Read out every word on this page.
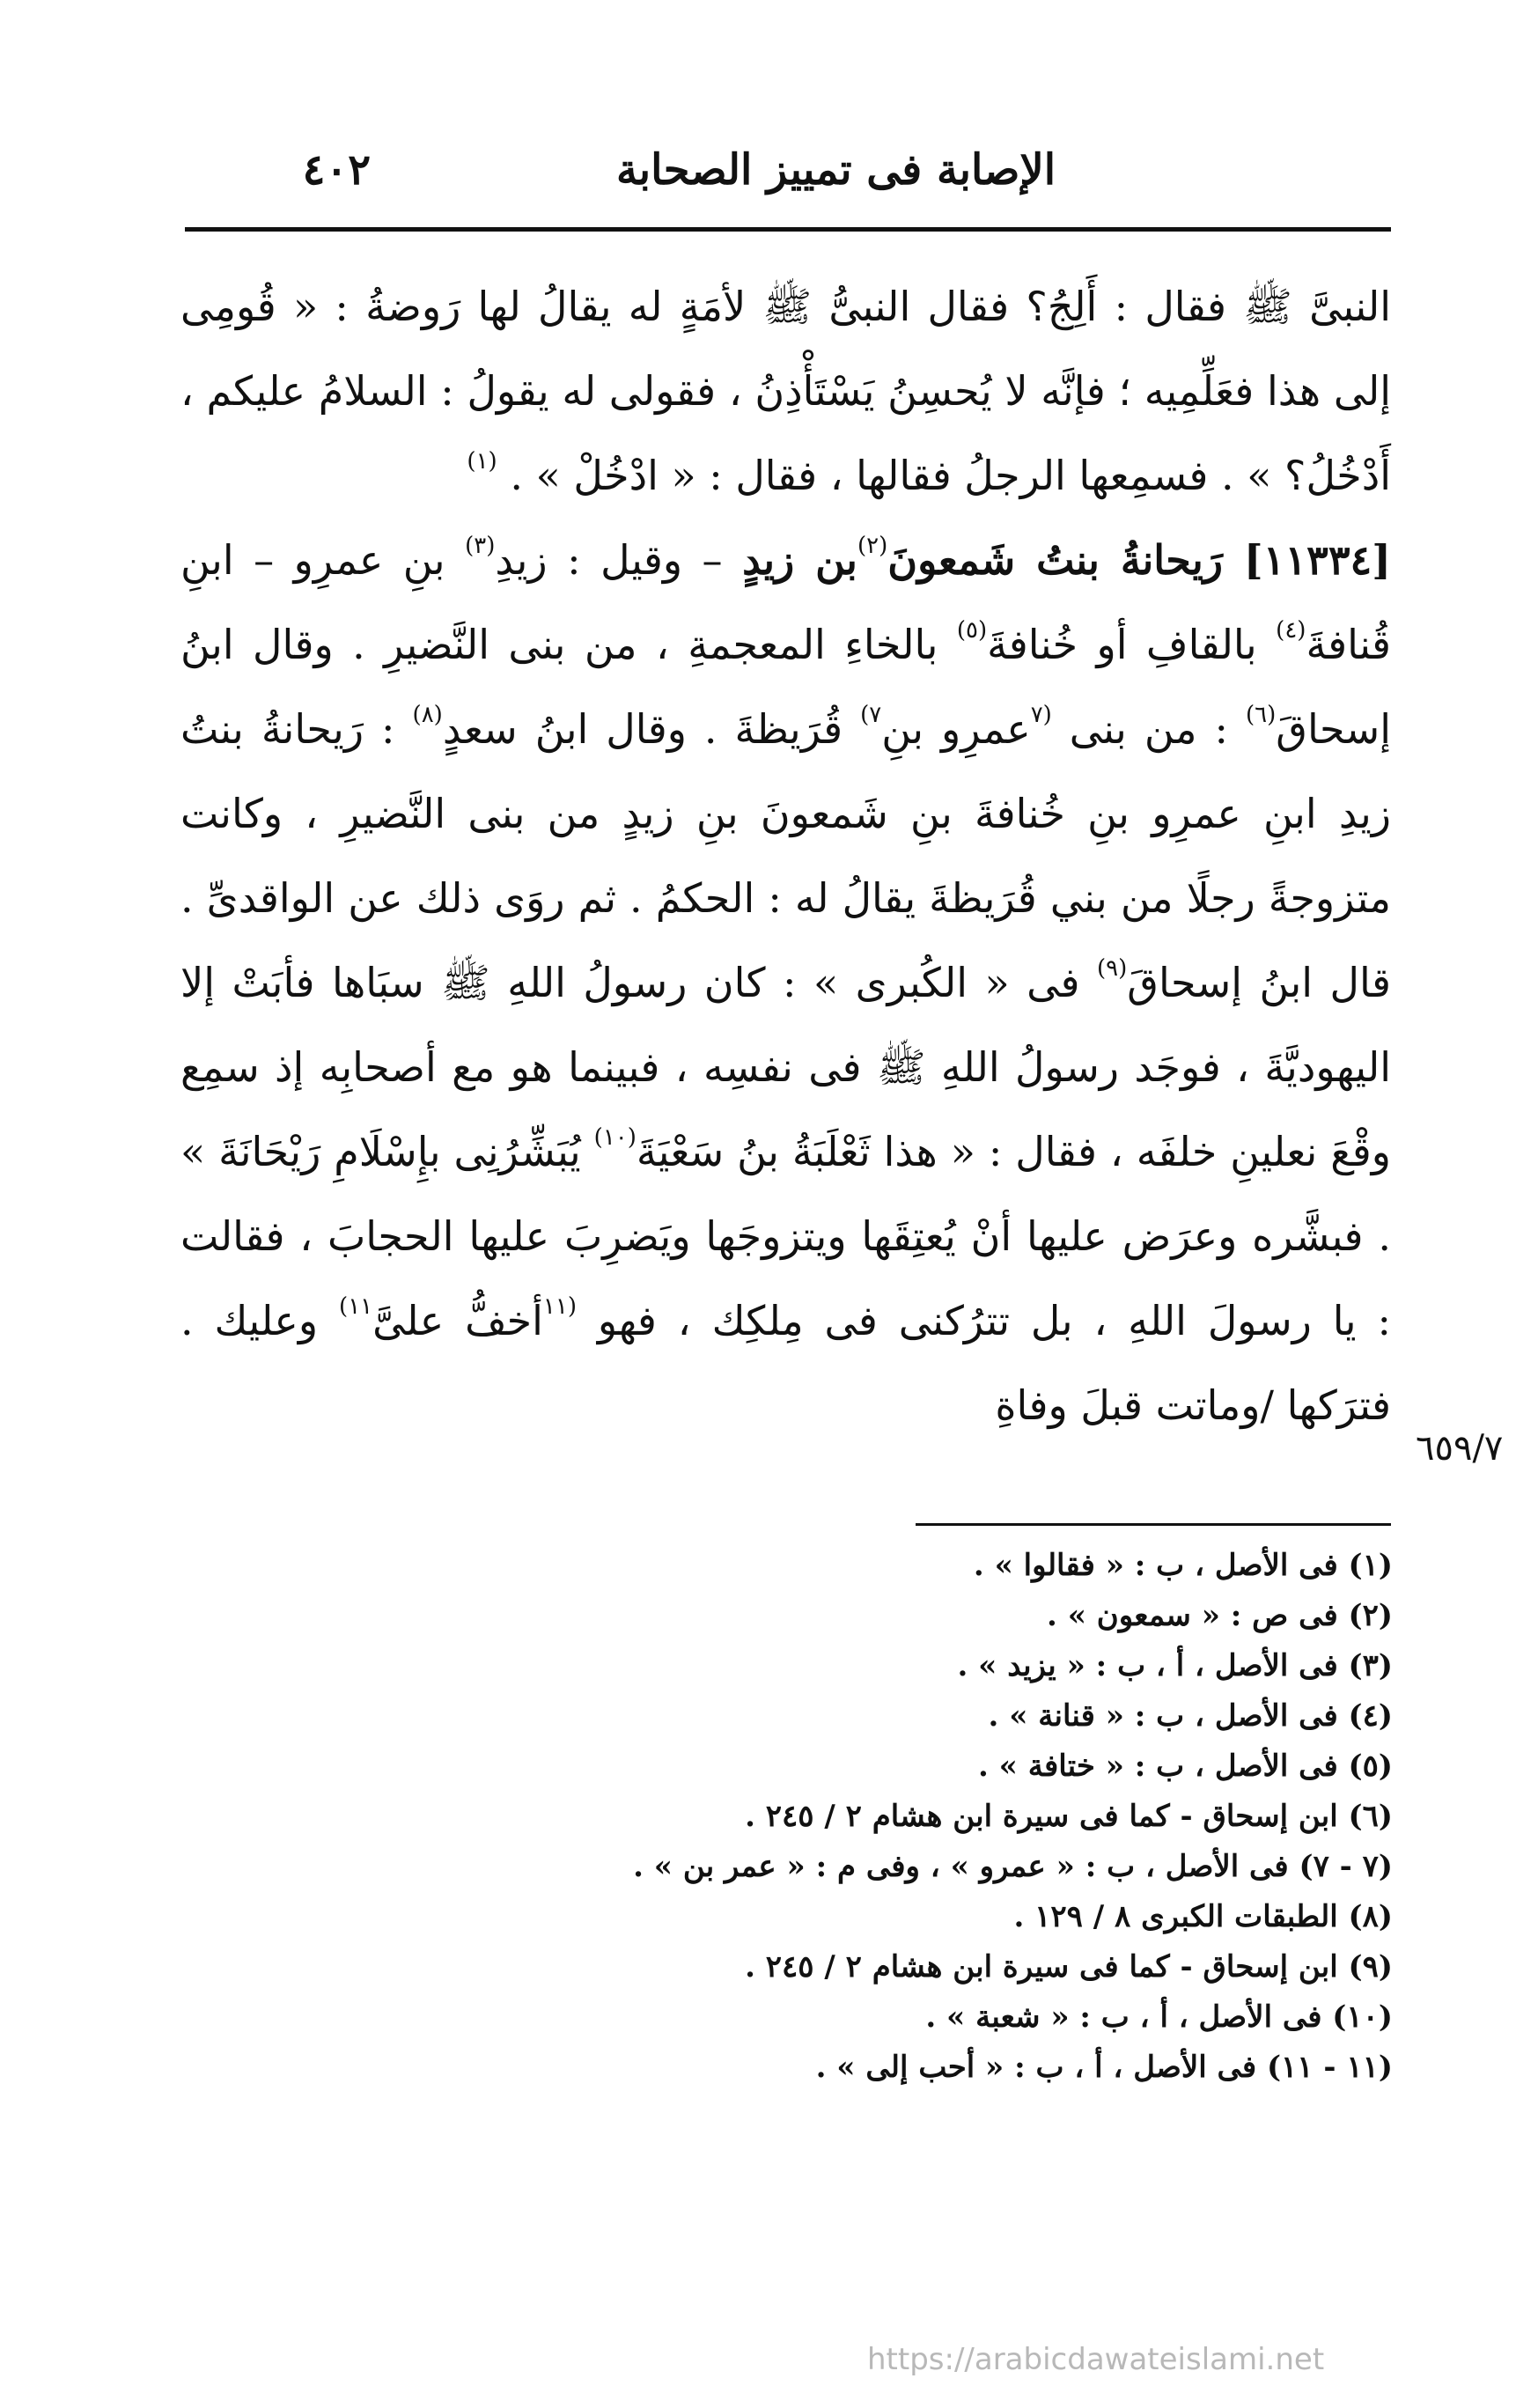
٤٠٢	الإصابة فى تمييز الصحابة

النبىَّ ﷺ فقال : أَلِجُ؟ فقال النبىُّ ﷺ لأمَةٍ له يقالُ لها رَوضةُ : « قُومِى إلى هذا فعَلِّمِيه ؛ فإنَّه لا يُحسِنُ يَسْتَأْذِنُ ، فقولى له يقولُ : السلامُ عليكم ، أَدْخُلُ؟ » . فسمِعها الرجلُ فقالها ، فقال : « ادْخُلْ » . $^{(١)}$

[١١٣٣٤] رَيحانةُ بنتُ شَمعونَ$^{(٢)}$بن زيدٍ – وقيل : زيدِ$^{(٣)}$ بنِ عمرِو – ابنِ قُنافةَ$^{(٤)}$ بالقافِ أو خُنافةَ$^{(٥)}$ بالخاءِ المعجمةِ ، من بنى النَّضيرِ . وقال ابنُ إسحاقَ$^{(٦)}$ : من بنى $^{(٧}$عمرِو بنِ$^{٧)}$ قُرَيظةَ . وقال ابنُ سعدٍ$^{(٨)}$ : رَيحانةُ بنتُ زيدِ ابنِ عمرِو بنِ خُنافةَ بنِ شَمعونَ بنِ زيدٍ من بنى النَّضيرِ ، وكانت متزوجةً رجلًا من بني قُرَيظةَ يقالُ له : الحكمُ . ثم روَى ذلك عن الواقدىِّ . قال ابنُ إسحاقَ$^{(٩)}$ فى « الكُبرى » : كان رسولُ اللهِ ﷺ سبَاها فأبَتْ إلا اليهوديَّةَ ، فوجَد رسولُ اللهِ ﷺ فى نفسِه ، فبينما هو مع أصحابِه إذ سمِع وقْعَ نعلينِ خلفَه ، فقال : « هذا ثَعْلَبَةُ بنُ سَعْيَةَ$^{(١٠)}$ يُبَشِّرُنِى بإِسْلَامِ رَيْحَانَةَ » . فبشَّره وعرَض عليها أنْ يُعتِقَها ويتزوجَها ويَضرِبَ عليها الحجابَ ، فقالت : يا رسولَ اللهِ ، بل تترُكنى فى مِلكِك ، فهو $^{(١١}$أخفُّ علىَّ$^{١١)}$ وعليك . فترَكها /وماتت قبلَ وفاةِ

٦٥٩/٧
(١) فى الأصل ، ب : « فقالوا » .
(٢) فى ص : « سمعون » .
(٣) فى الأصل ، أ ، ب : « يزيد » .
(٤) فى الأصل ، ب : « قنانة » .
(٥) فى الأصل ، ب : « ختافة » .
(٦) ابن إسحاق - كما فى سيرة ابن هشام ٢ / ٢٤٥ .
(٧ - ٧) فى الأصل ، ب : « عمرو » ، وفى م : « عمر بن » .
(٨) الطبقات الكبرى ٨ / ١٢٩ .
(٩) ابن إسحاق - كما فى سيرة ابن هشام ٢ / ٢٤٥ .
(١٠) فى الأصل ، أ ، ب : « شعبة » .
(١١ - ١١) فى الأصل ، أ ، ب : « أحب إلى » .
https://arabicdawateislami.net
